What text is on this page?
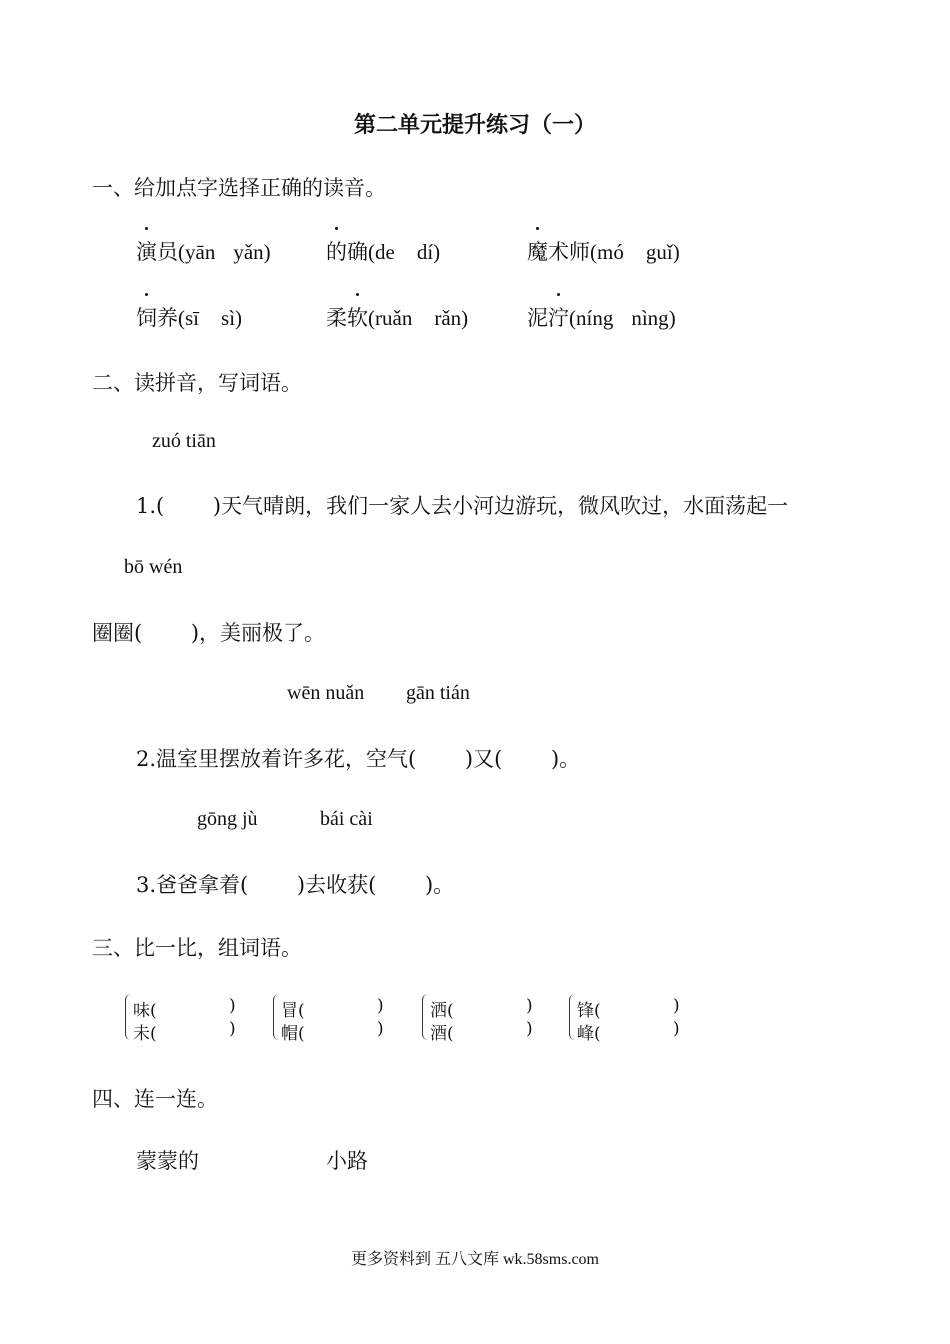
第二单元提升练习（一）
一、给加点字选择正确的读音。
演员(yān yǎn)	的确(de dí)	魔术师(mó guǐ)
饲养(sī sì)	柔软(ruǎn rǎn)	泥泞(níng nìng)
二、读拼音，写词语。
zuó tiān
1.(　　 )天气晴朗，我们一家人去小河边游玩，微风吹过，水面荡起一
bō wén
圈圈(　　 )，美丽极了。
wēn nuǎn gān tián
2.温室里摆放着许多花，空气(　　 )又(　　 )。
gōng jù	bái cài
3.爸爸拿着(　　 )去收获(　　 )。
三、比一比，组词语。
味(	)
未(	)
冒(	)
帽(	)
洒(	)
酒(	)
锋(	)
峰(	)
四、连一连。
蒙蒙的	小路
更多资料到 五八文库 wk.58sms.com
